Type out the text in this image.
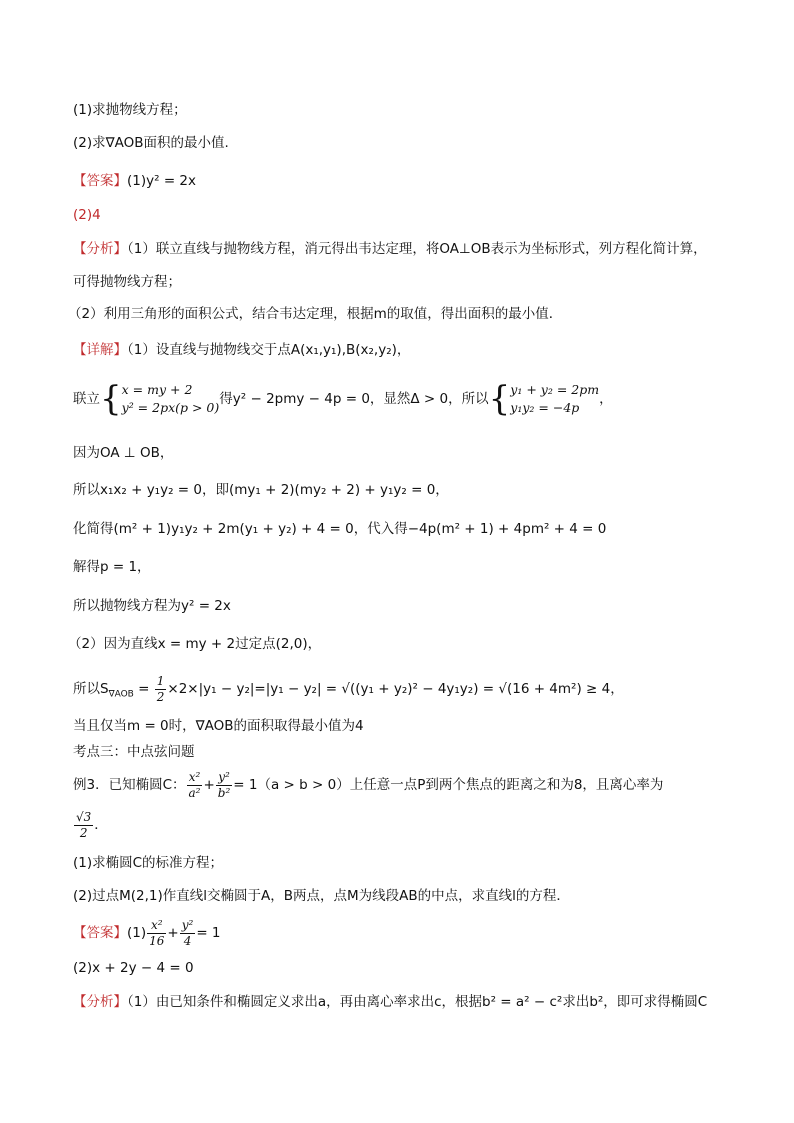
(1)求抛物线方程；
(2)求∇AOB面积的最小值.
【答案】(1)y² = 2x
(2)4
【分析】（1）联立直线与抛物线方程，消元得出韦达定理，将OA⊥OB表示为坐标形式，列方程化简计算，
可得抛物线方程；
（2）利用三角形的面积公式，结合韦达定理，根据m的取值，得出面积的最小值．
【详解】（1）设直线与抛物线交于点A(x₁,y₁),B(x₂,y₂)，
联立{ x = my + 2
y² = 2px(p > 0)
得y² − 2pmy − 4p = 0，显然Δ > 0，所以{ y₁ + y₂ = 2pm
y₁y₂ = −4p
，
因为OA ⊥ OB，
所以x₁x₂ + y₁y₂ = 0，即(my₁ + 2)(my₂ + 2) + y₁y₂ = 0，
化简得(m² + 1)y₁y₂ + 2m(y₁ + y₂) + 4 = 0，代入得−4p(m² + 1) + 4pm² + 4 = 0
解得p = 1，
所以抛物线方程为y² = 2x
（2）因为直线x = my + 2过定点(2,0)，
所以$S_{\nabla AOB} = \frac{1}{2} \times 2\times|y_1 - y_2|=|y_1 - y_2| = √((y_1 + y_2)^2 - 4y_1y_2) = √(16 + 4m^2) \ge 4$，
当且仅当m = 0时，∇AOB的面积取得最小值为4
考点三：中点弦问题
例3．已知椭圆C： $\frac{\text{x²}}{\text{a²}} + \frac{\text{y²}}{\text{b²}} = 1(a > b > 0)$上任意一点P到两个焦点的距离之和为8，且离心率为
$\frac{√3}{2}$ ．
(1)求椭圆C的标准方程；
(2)过点M(2,1)作直线l交椭圆于A，B两点，点M为线段AB的中点，求直线l的方程．
【答案】$(1) \frac{\text{x²}}{16} + \frac{\text{y²}}{4} = 1$
(2)x + 2y − 4 = 0
【分析】（1）由已知条件和椭圆定义求出a，再由离心率求出c，根据b² = a² − c²求出b²，即可求得椭圆C
